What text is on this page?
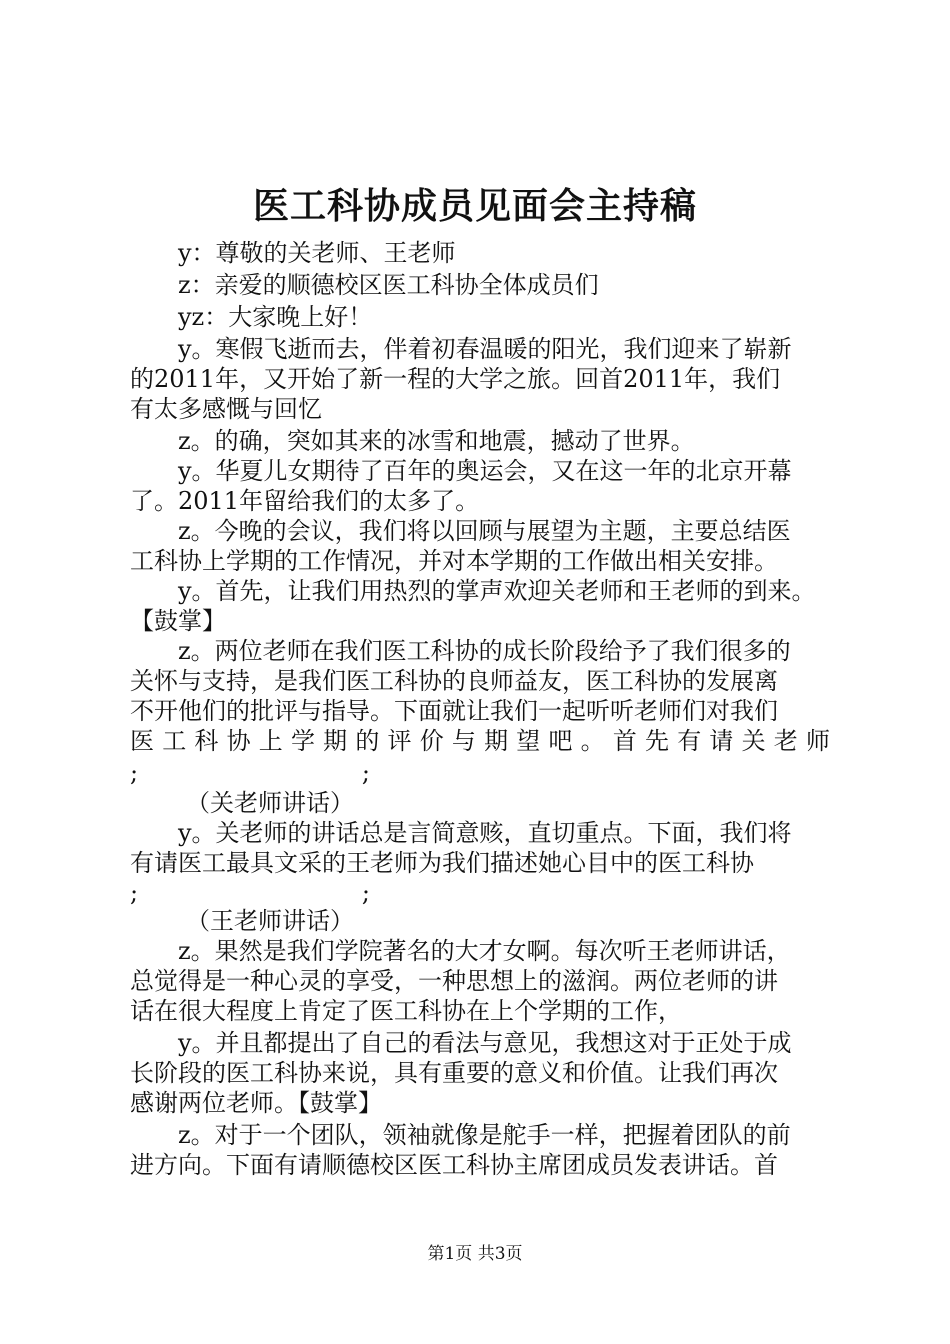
医工科协成员见面会主持稿
y：尊敬的关老师、王老师
z：亲爱的顺德校区医工科协全体成员们
yz：大家晚上好！
y。寒假飞逝而去，伴着初春温暖的阳光，我们迎来了崭新
的2011年，又开始了新一程的大学之旅。回首2011年，我们
有太多感慨与回忆
z。的确，突如其来的冰雪和地震，撼动了世界。
y。华夏儿女期待了百年的奥运会，又在这一年的北京开幕
了。2011年留给我们的太多了。
z。今晚的会议，我们将以回顾与展望为主题，主要总结医
工科协上学期的工作情况，并对本学期的工作做出相关安排。
y。首先，让我们用热烈的掌声欢迎关老师和王老师的到来。
【鼓掌】
z。两位老师在我们医工科协的成长阶段给予了我们很多的
关怀与支持，是我们医工科协的良师益友，医工科协的发展离
不开他们的批评与指导。下面就让我们一起听听老师们对我们
医 工 科 协 上 学 期 的 评 价 与 期 望 吧 。 首 先 有 请 关 老 师
;	;
（关老师讲话）
y。关老师的讲话总是言简意赅，直切重点。下面，我们将
有请医工最具文采的王老师为我们描述她心目中的医工科协
;	;
（王老师讲话）
z。果然是我们学院著名的大才女啊。每次听王老师讲话，
总觉得是一种心灵的享受，一种思想上的滋润。两位老师的讲
话在很大程度上肯定了医工科协在上个学期的工作，
y。并且都提出了自己的看法与意见，我想这对于正处于成
长阶段的医工科协来说，具有重要的意义和价值。让我们再次
感谢两位老师。【鼓掌】
z。对于一个团队，领袖就像是舵手一样，把握着团队的前
进方向。下面有请顺德校区医工科协主席团成员发表讲话。首
第1页 共3页
